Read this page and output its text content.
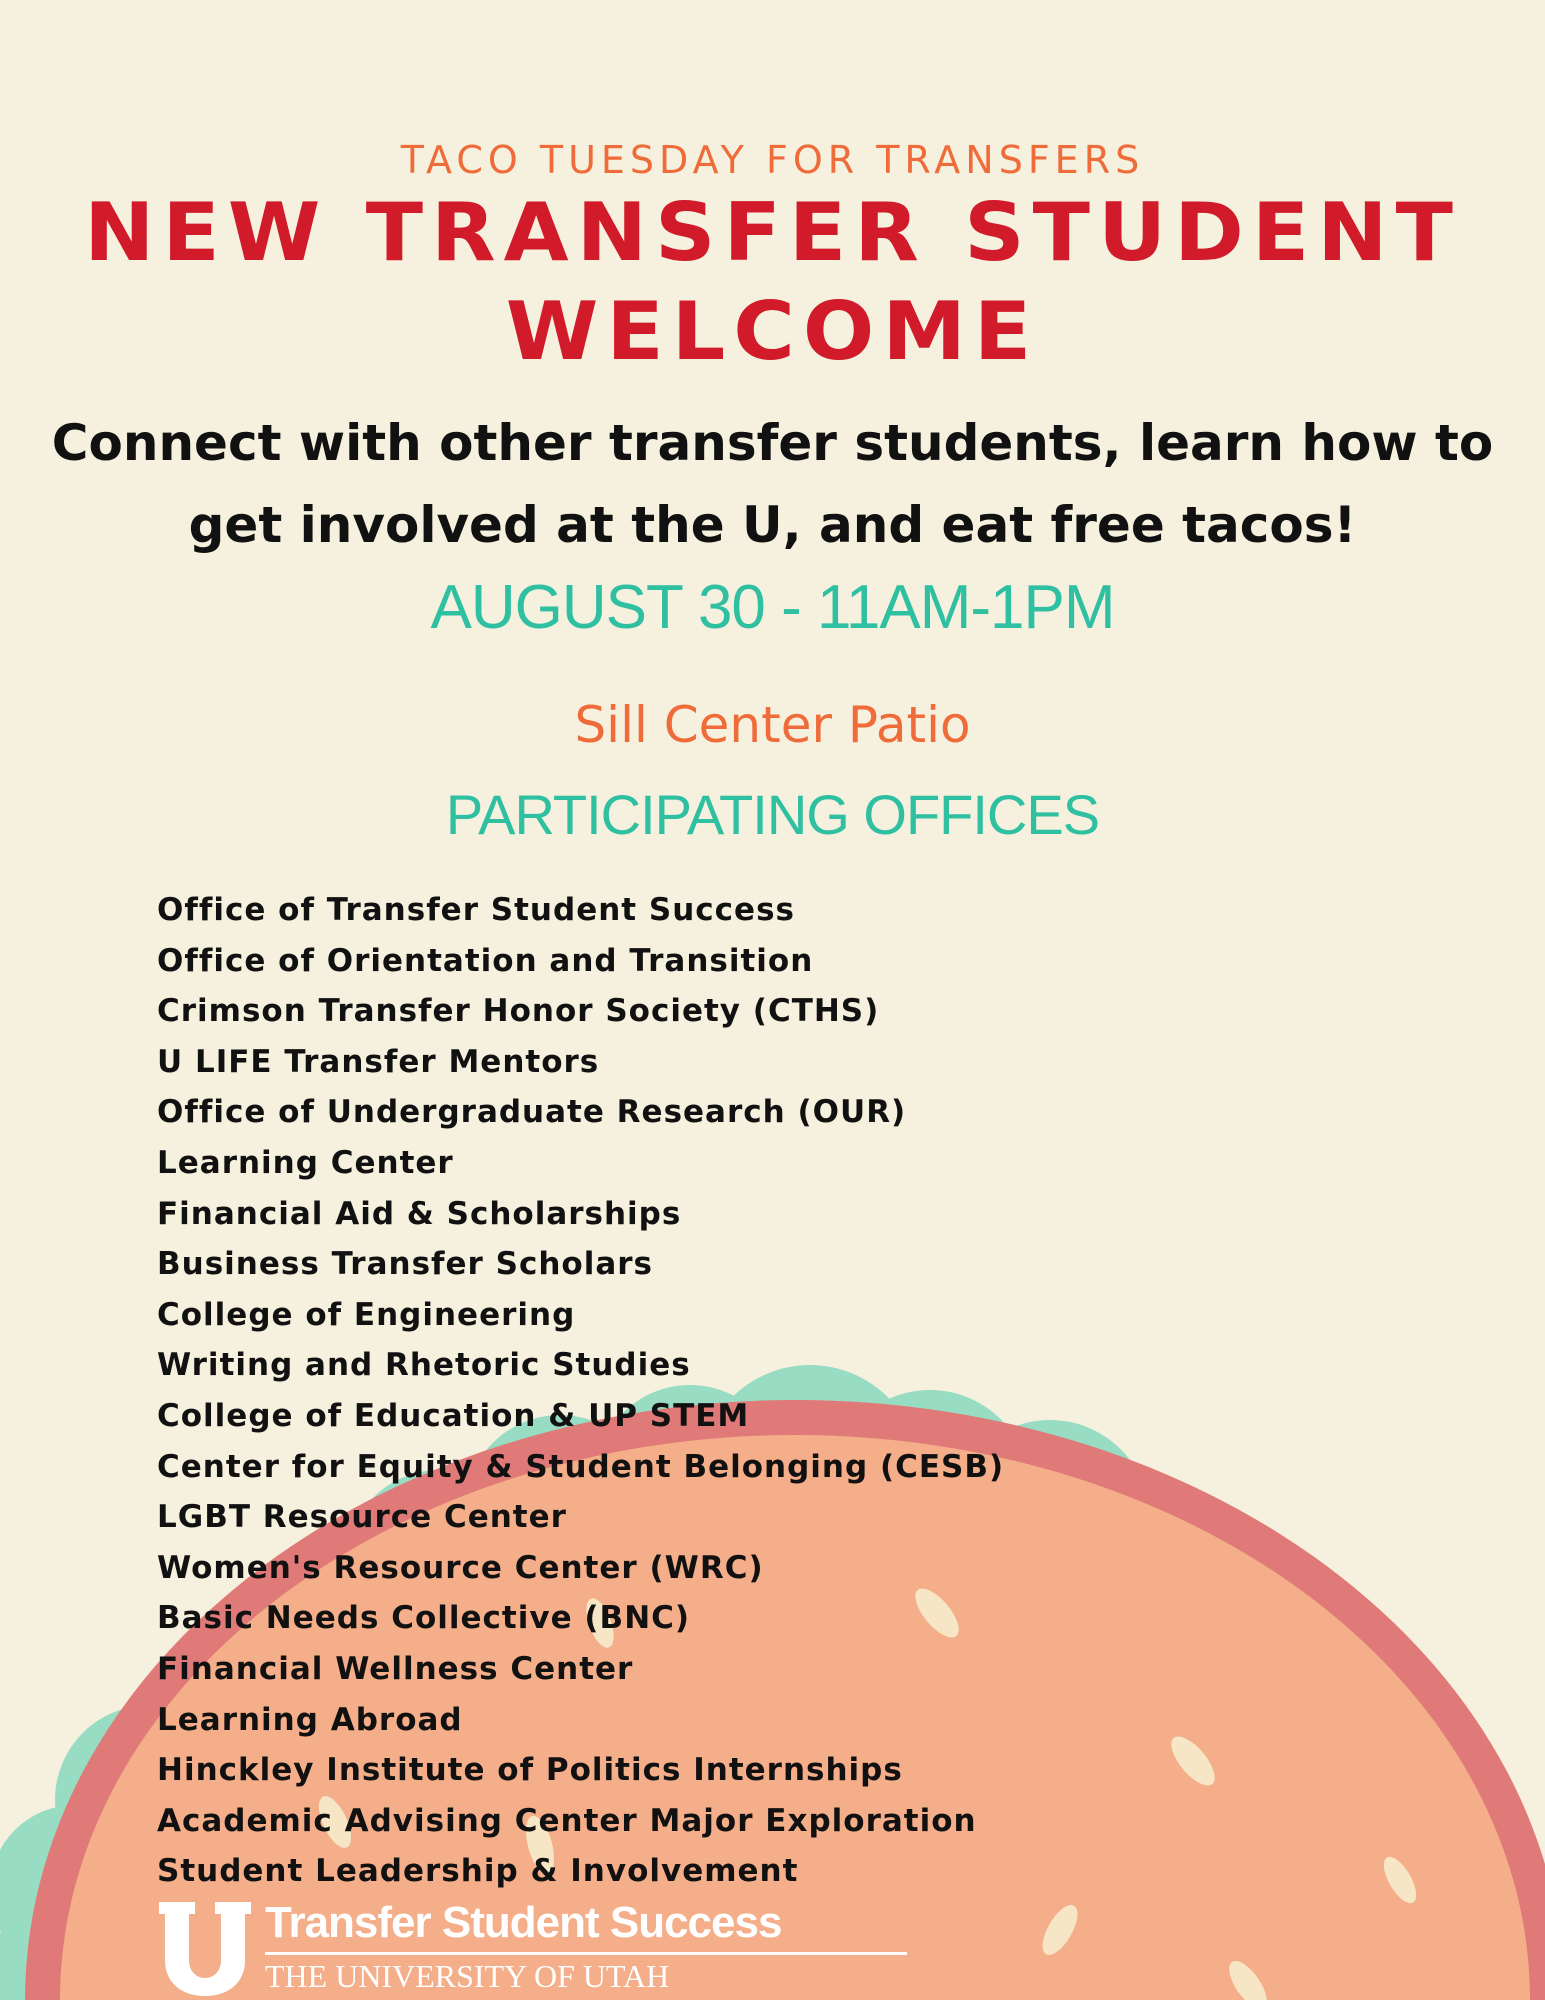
TACO TUESDAY FOR TRANSFERS
NEW TRANSFER STUDENT
WELCOME
Connect with other transfer students, learn how to
get involved at the U, and eat free tacos!
AUGUST 30 - 11AM-1PM
Sill Center Patio
PARTICIPATING OFFICES
Office of Transfer Student Success
Office of Orientation and Transition
Crimson Transfer Honor Society (CTHS)
U LIFE Transfer Mentors
Office of Undergraduate Research (OUR)
Learning Center
Financial Aid & Scholarships
Business Transfer Scholars
College of Engineering
Writing and Rhetoric Studies
College of Education & UP STEM
Center for Equity & Student Belonging (CESB)
LGBT Resource Center
Women's Resource Center (WRC)
Basic Needs Collective (BNC)
Financial Wellness Center
Learning Abroad
Hinckley Institute of Politics Internships
Academic Advising Center Major Exploration
Student Leadership & Involvement
Transfer Student Success
THE UNIVERSITY OF UTAH
